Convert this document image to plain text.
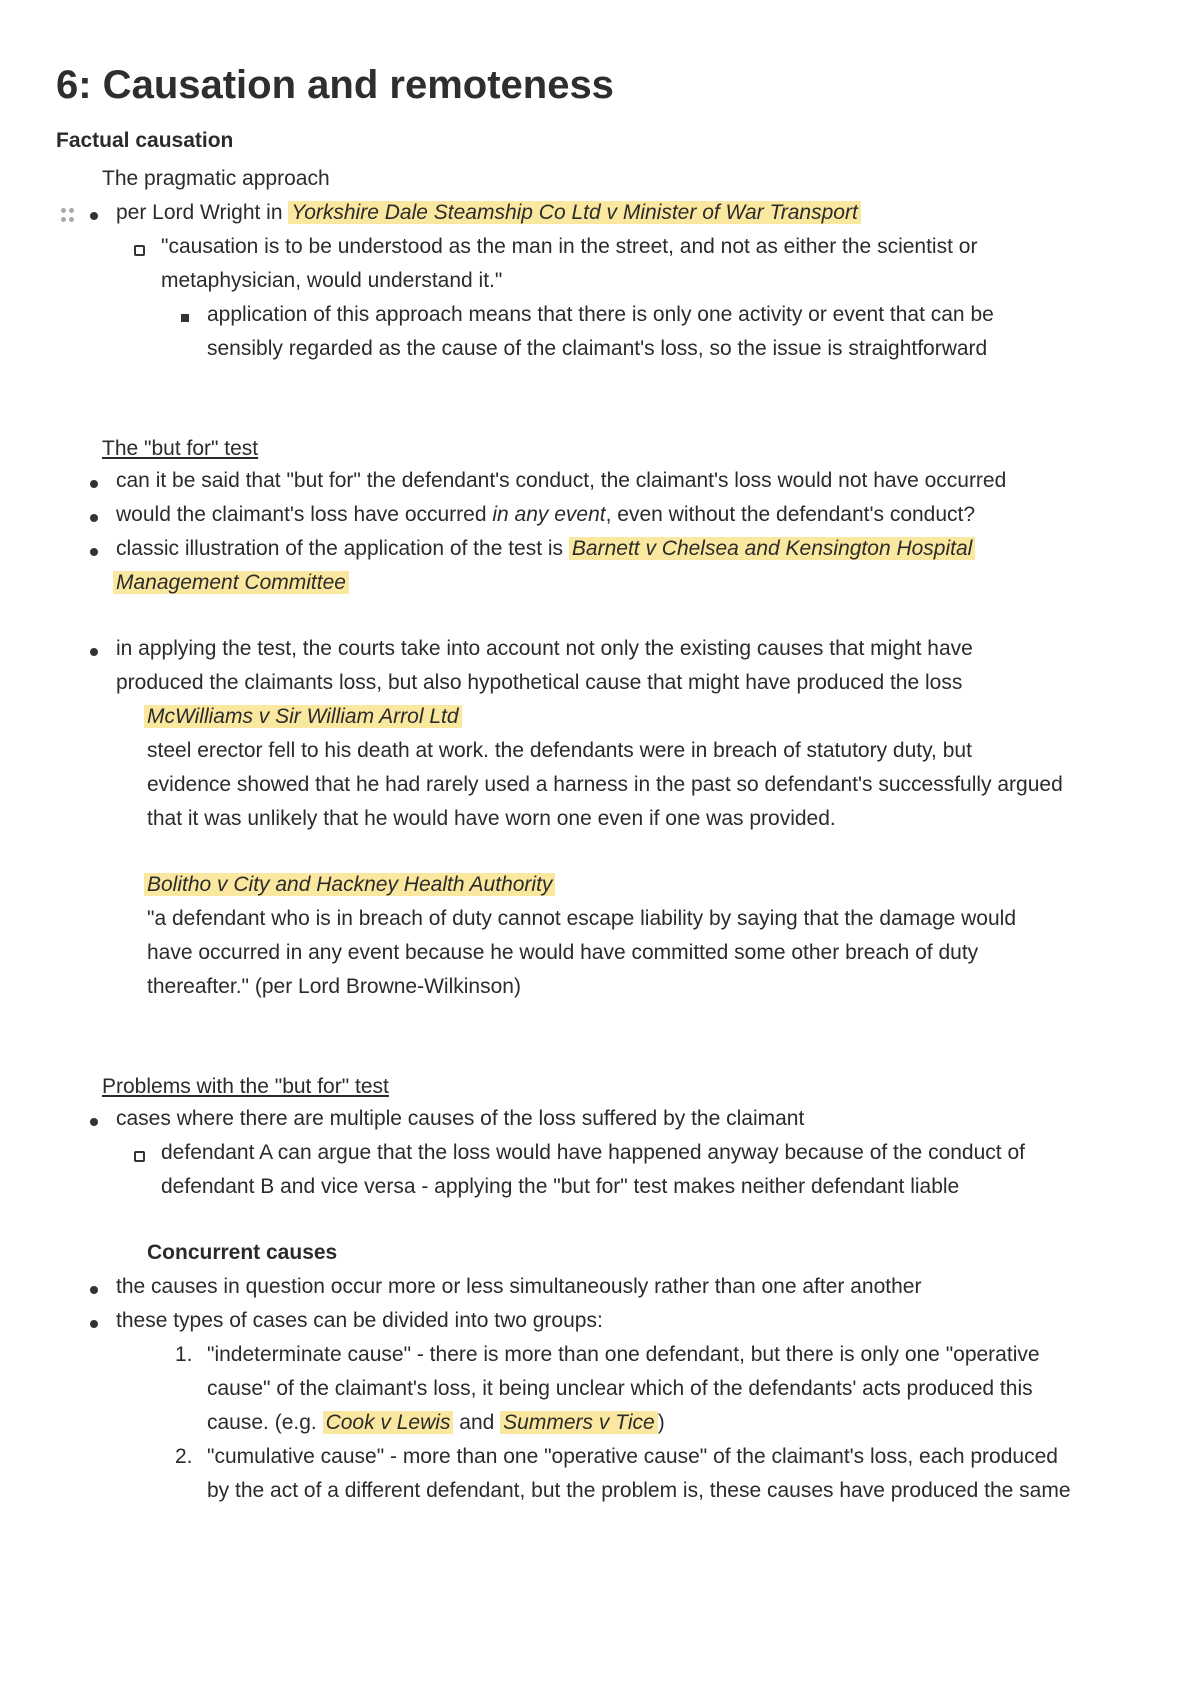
6: Causation and remoteness
Factual causation
The pragmatic approach
per Lord Wright in Yorkshire Dale Steamship Co Ltd v Minister of War Transport
"causation is to be understood as the man in the street, and not as either the scientist or
metaphysician, would understand it."
application of this approach means that there is only one activity or event that can be
sensibly regarded as the cause of the claimant's loss, so the issue is straightforward
The "but for" test
can it be said that "but for" the defendant's conduct, the claimant's loss would not have occurred
would the claimant's loss have occurred in any event, even without the defendant's conduct?
classic illustration of the application of the test is Barnett v Chelsea and Kensington Hospital
Management Committee
in applying the test, the courts take into account not only the existing causes that might have
produced the claimants loss, but also hypothetical cause that might have produced the loss
McWilliams v Sir William Arrol Ltd
steel erector fell to his death at work. the defendants were in breach of statutory duty, but
evidence showed that he had rarely used a harness in the past so defendant's successfully argued
that it was unlikely that he would have worn one even if one was provided.
Bolitho v City and Hackney Health Authority
"a defendant who is in breach of duty cannot escape liability by saying that the damage would
have occurred in any event because he would have committed some other breach of duty
thereafter." (per Lord Browne-Wilkinson)
Problems with the "but for" test
cases where there are multiple causes of the loss suffered by the claimant
defendant A can argue that the loss would have happened anyway because of the conduct of
defendant B and vice versa - applying the "but for" test makes neither defendant liable
Concurrent causes
the causes in question occur more or less simultaneously rather than one after another
these types of cases can be divided into two groups:
1. "indeterminate cause" - there is more than one defendant, but there is only one "operative
cause" of the claimant's loss, it being unclear which of the defendants' acts produced this
cause. (e.g. Cook v Lewis and Summers v Tice )
2. "cumulative cause" - more than one "operative cause" of the claimant's loss, each produced
by the act of a different defendant, but the problem is, these causes have produced the same
